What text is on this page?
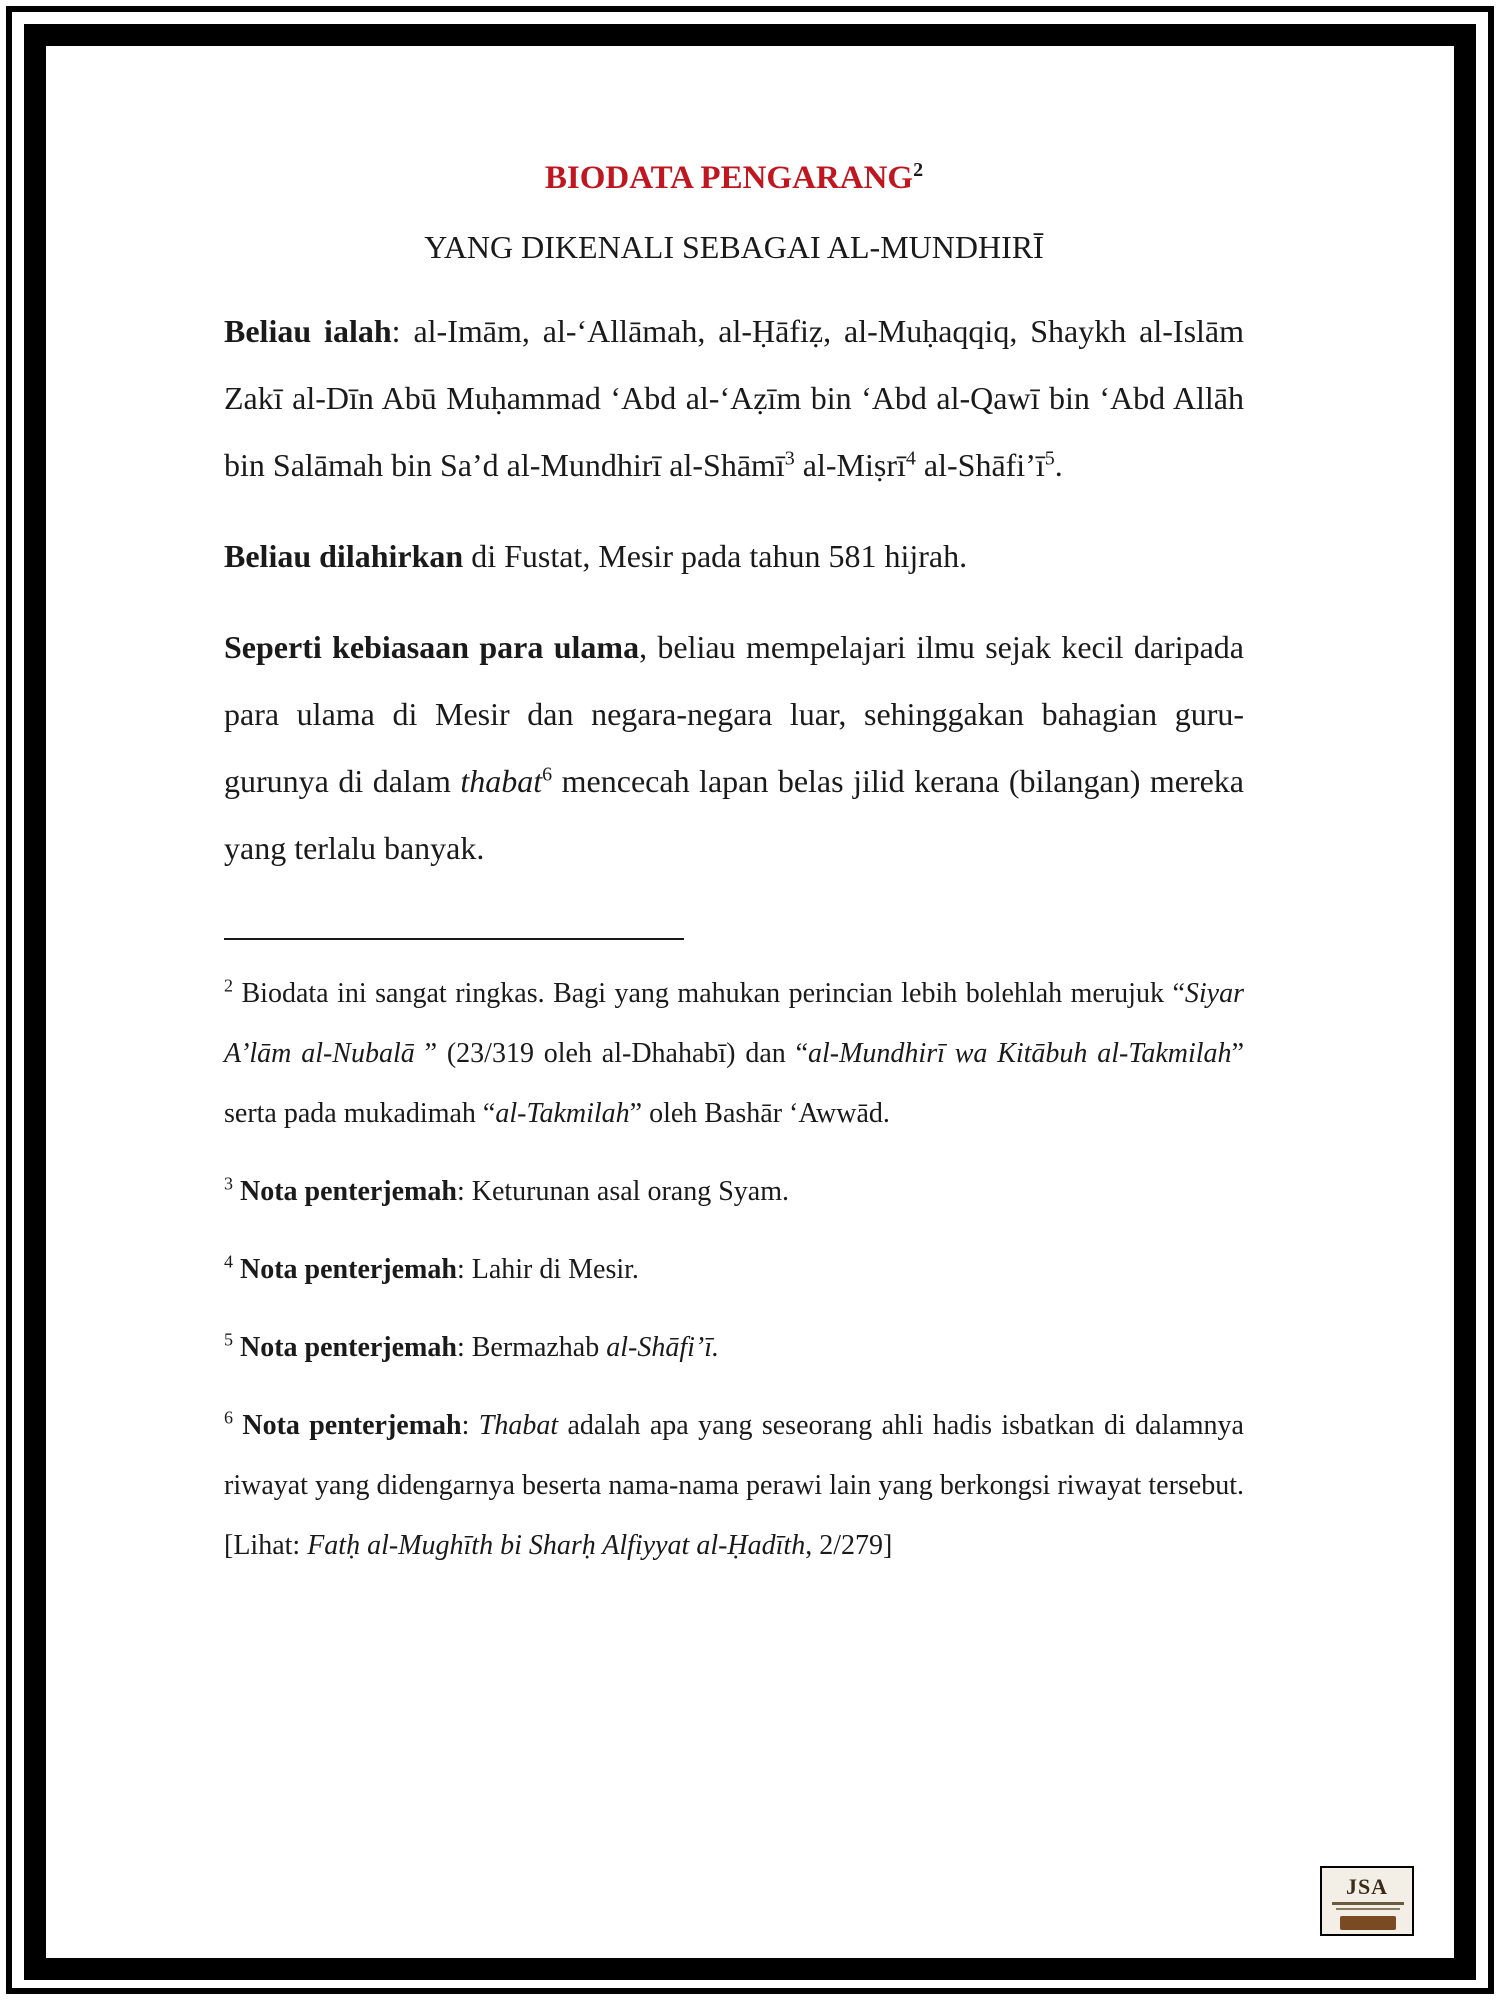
BIODATA PENGARANG$^2$
YANG DIKENALI SEBAGAI AL-MUNDHIRĪ

Beliau ialah: al-Imām, al-‘Allāmah, al-Ḥāfiẓ, al-Muḥaqqiq, Shaykh al-Islām Zakī al-Dīn Abū Muḥammad ‘Abd al-‘Aẓīm bin ‘Abd al-Qawī bin ‘Abd Allāh bin Salāmah bin Sa’d al-Mundhirī al-Shāmī$^3$ al-Miṣrī$^4$ $al-Shāfi’ī^5$.

Beliau dilahirkan di Fustat, Mesir pada tahun 581 hijrah.

Seperti kebiasaan para ulama, beliau mempelajari ilmu sejak kecil daripada para ulama di Mesir dan negara-negara luar, sehinggakan bahagian guru-gurunya di dalam thabat$^6$ mencecah lapan belas jilid kerana (bilangan) mereka yang terlalu banyak.

$^2$ Biodata ini sangat ringkas. Bagi yang mahukan perincian lebih bolehlah merujuk “Siyar A’lām al-Nubalā ” (23/319 oleh al-Dhahabī) dan “al-Mundhirī wa Kitābuh al-Takmilah” serta pada mukadimah “al-Takmilah” oleh Bashār ‘Awwād.

$^3$ Nota penterjemah: Keturunan asal orang Syam.

$^4$ Nota penterjemah: Lahir di Mesir.

$^5$ Nota penterjemah: Bermazhab al-Shāfi’ī.

$^6$ Nota penterjemah: Thabat adalah apa yang seseorang ahli hadis isbatkan di dalamnya riwayat yang didengarnya beserta nama-nama perawi lain yang berkongsi riwayat tersebut. [Lihat: Fatḥ al-Mughīth bi Sharḥ Alfiyyat al-Ḥadīth, 2/279]

JSA
